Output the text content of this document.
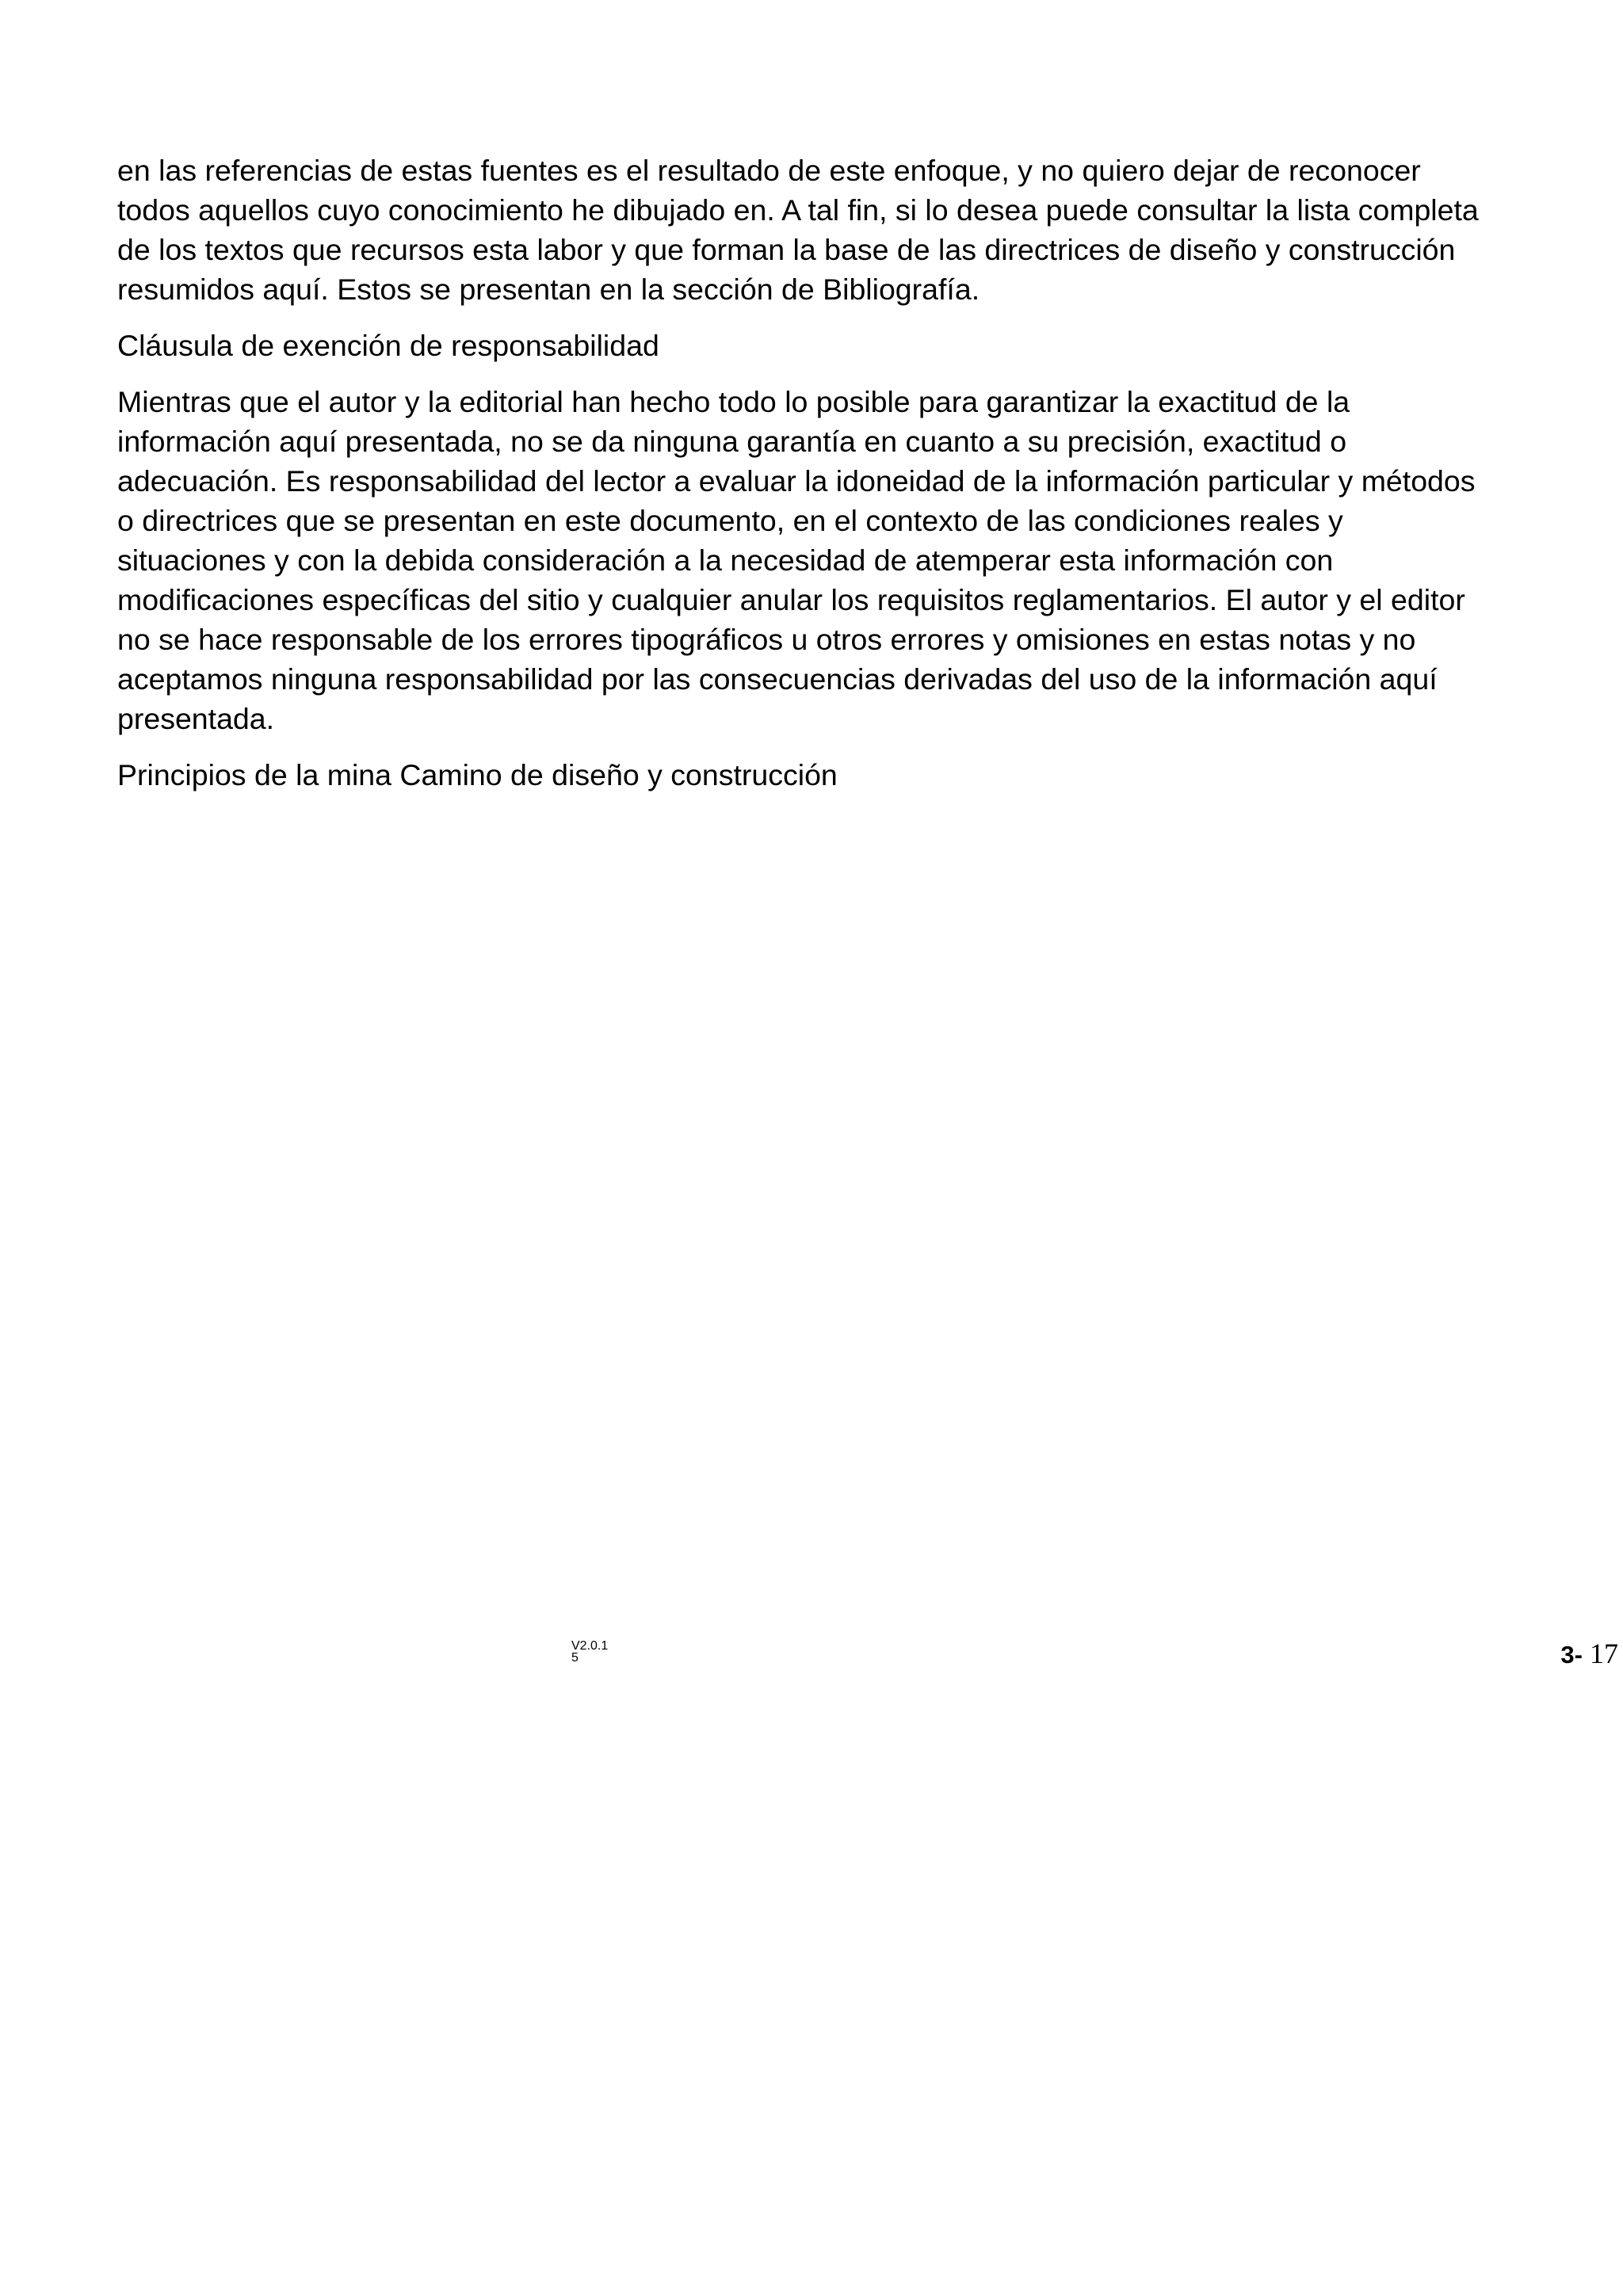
en las referencias de estas fuentes es el resultado de este enfoque, y no quiero dejar de reconocer
todos aquellos cuyo conocimiento he dibujado en. A tal fin, si lo desea puede consultar la lista completa
de los textos que recursos esta labor y que forman la base de las directrices de diseño y construcción
resumidos aquí. Estos se presentan en la sección de Bibliografía.

Cláusula de exención de responsabilidad

Mientras que el autor y la editorial han hecho todo lo posible para garantizar la exactitud de la
información aquí presentada, no se da ninguna garantía en cuanto a su precisión, exactitud o
adecuación. Es responsabilidad del lector a evaluar la idoneidad de la información particular y métodos
o directrices que se presentan en este documento, en el contexto de las condiciones reales y
situaciones y con la debida consideración a la necesidad de atemperar esta información con
modificaciones específicas del sitio y cualquier anular los requisitos reglamentarios. El autor y el editor
no se hace responsable de los errores tipográficos u otros errores y omisiones en estas notas y no
aceptamos ninguna responsabilidad por las consecuencias derivadas del uso de la información aquí
presentada.

Principios de la mina Camino de diseño y construcción

V2.0.1
5	3- 17
